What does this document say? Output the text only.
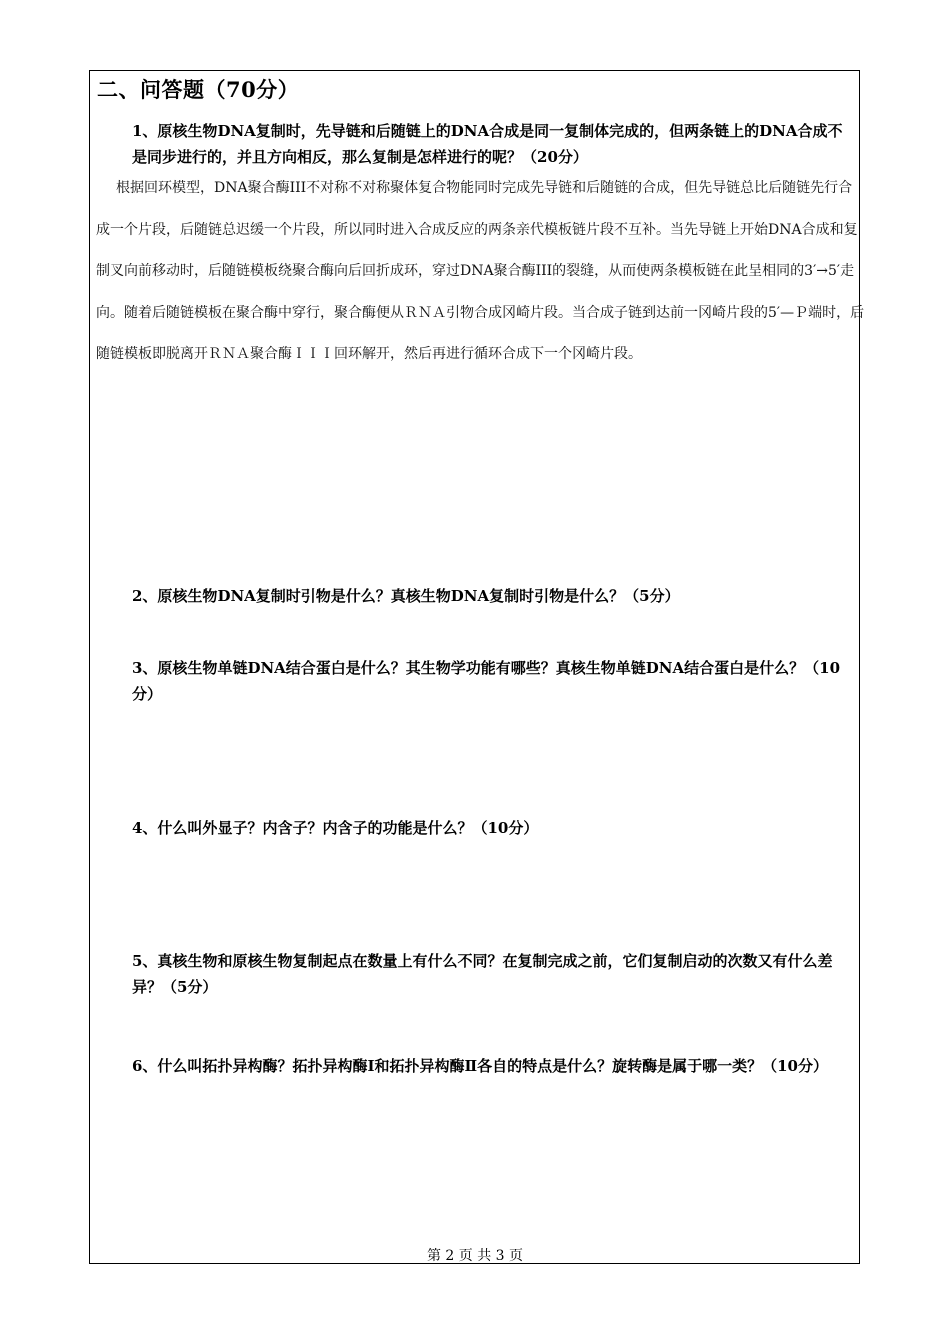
二、问答题（70分）
1、原核生物DNA复制时，先导链和后随链上的DNA合成是同一复制体完成的，但两条链上的DNA合成不是同步进行的，并且方向相反，那么复制是怎样进行的呢？（20分）

根据回环模型，DNA聚合酶III不对称不对称聚体复合物能同时完成先导链和后随链的合成，但先导链总比后随链先行合成一个片段，后随链总迟缓一个片段，所以同时进入合成反应的两条亲代模板链片段不互补。当先导链上开始DNA合成和复制叉向前移动时，后随链模板绕聚合酶向后回折成环，穿过DNA聚合酶III的裂缝，从而使两条模板链在此呈相同的3′→5′走向。随着后随链模板在聚合酶中穿行，聚合酶便从ＲＮＡ引物合成冈崎片段。当合成子链到达前一冈崎片段的5′—Ｐ端时，后随链模板即脱离开ＲＮＡ聚合酶ＩＩＩ回环解开，然后再进行循环合成下一个冈崎片段。

2、原核生物DNA复制时引物是什么？真核生物DNA复制时引物是什么？（5分）
3、原核生物单链DNA结合蛋白是什么？其生物学功能有哪些？真核生物单链DNA结合蛋白是什么？（10分）
4、什么叫外显子？内含子？内含子的功能是什么？（10分）
5、真核生物和原核生物复制起点在数量上有什么不同？在复制完成之前，它们复制启动的次数又有什么差异？（5分）
6、什么叫拓扑异构酶？拓扑异构酶Ⅰ和拓扑异构酶Ⅱ各自的特点是什么？旋转酶是属于哪一类？（10分）
第 2 页 共 3 页
